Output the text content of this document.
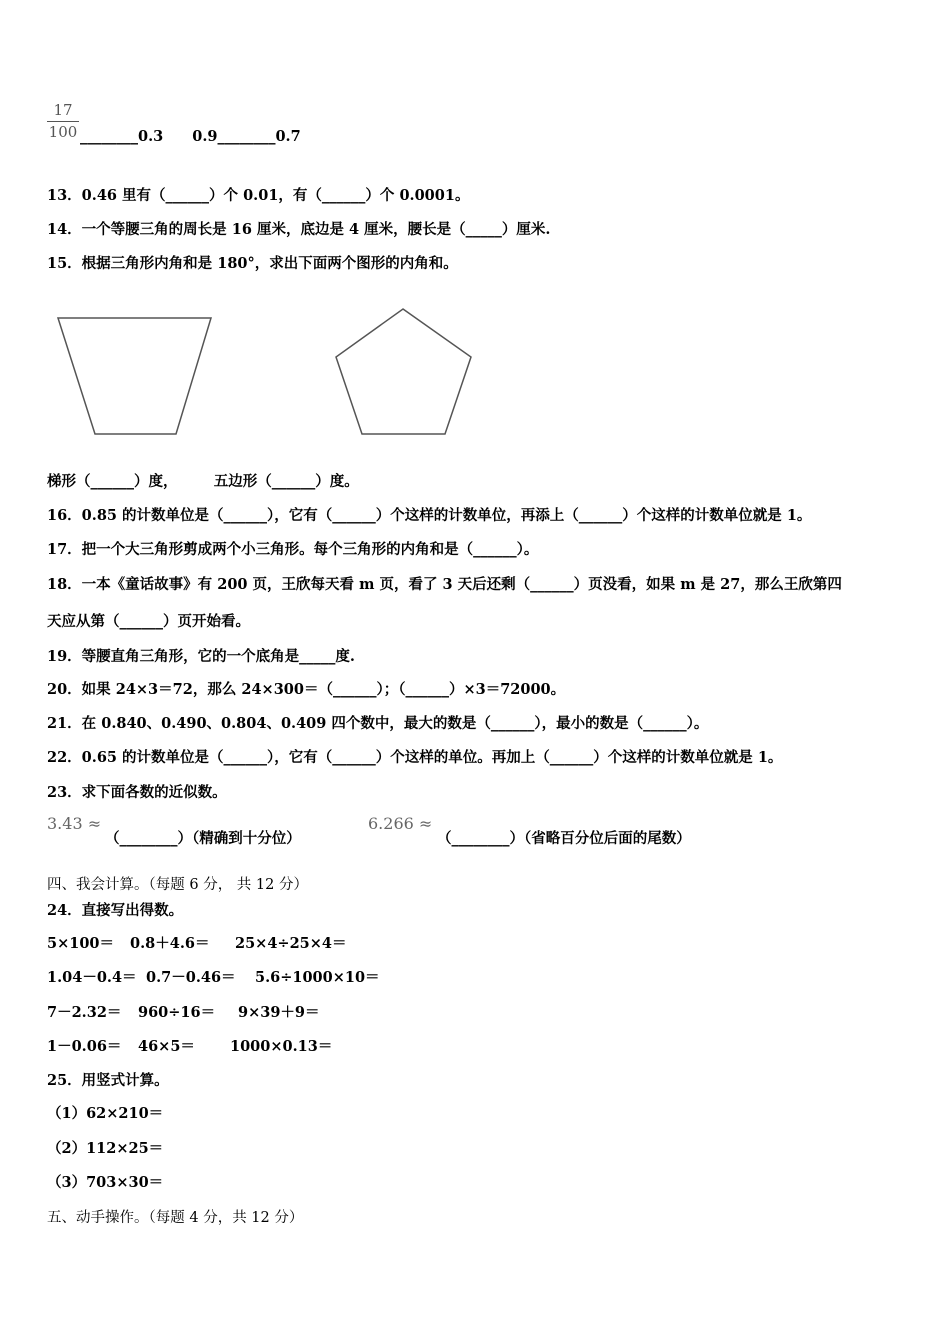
17
100 ________0.3　　0.9________0.7
13．0.46 里有（______）个 0.01，有（______）个 0.0001。
14．一个等腰三角的周长是 16 厘米，底边是 4 厘米，腰长是（_____）厘米.
15．根据三角形内角和是 180°，求出下面两个图形的内角和。
梯形（______）度，　　　五边形（______）度。
16．0.85 的计数单位是（______），它有（______）个这样的计数单位，再添上（______）个这样的计数单位就是 1。
17．把一个大三角形剪成两个小三角形。每个三角形的内角和是（______）。
18．一本《童话故事》有 200 页，王欣每天看 m 页，看了 3 天后还剩（______）页没看，如果 m 是 27，那么王欣第四
天应从第（______）页开始看。
19．等腰直角三角形，它的一个底角是_____度.
20．如果 24×3＝72，那么 24×300＝（______）；（______）×3＝72000。
21．在 0.840、0.490、0.804、0.409 四个数中，最大的数是（______），最小的数是（______）。
22．0.65 的计数单位是（______），它有（______）个这样的单位。再加上（______）个这样的计数单位就是 1。
23．求下面各数的近似数。
3.43 ≈
（________）（精确到十分位）
6.266 ≈
（________）（省略百分位后面的尾数）
四、我会计算。（每题 6 分， 共 12 分）
24．直接写出得数。
5×100＝ 0.8＋4.6＝ 25×4÷25×4＝
1.04－0.4＝ 0.7－0.46＝ 5.6÷1000×10＝
7－2.32＝ 960÷16＝ 9×39＋9＝
1－0.06＝ 46×5＝ 1000×0.13＝
25．用竖式计算。
（1）62×210＝
（2）112×25＝
（3）703×30＝
五、动手操作。（每题 4 分，共 12 分）
